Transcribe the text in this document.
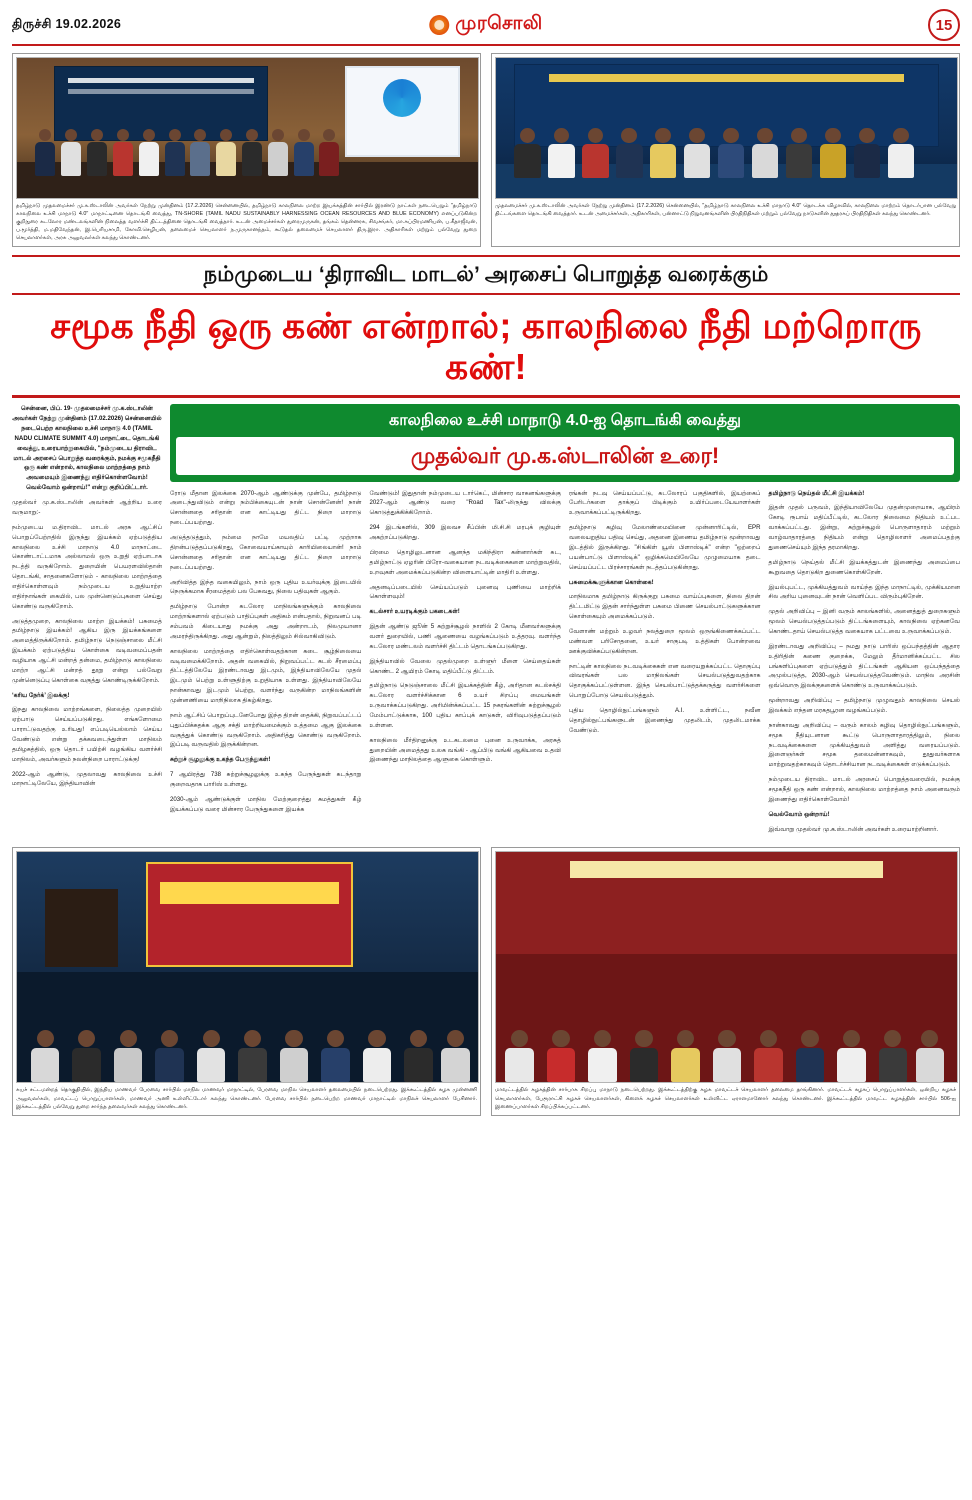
திருச்சி 19.02.2026	முரசொலி	15
தமிழ்நாடு முதலமைச்சர் மு.க.ஸ்டாலின் அவர்கள் நேற்று முன்தினம் (17.2.2026) சென்னையில், தமிழ்நாடு காலநிலை மாற்ற இயக்கத்தின் சார்பில் இரண்டு நாட்கள் நடைபெறும் "தமிழ்நாடு காலநிலை உச்சி மாநாடு 4.0" மாநாட்டினை தொடங்கி வைத்து, TN-SHORE (TAMIL NADU SUSTAINABLY HARNESSING OCEAN RESOURCES AND BLUE ECONOMY) எனப்படுகின்ற குறிநுரை கடலோர மண்டலங்களின் நிலைத்த வளர்ச்சி திட்டத்தினை தொடங்கி வைத்தார். உடன் அமைச்சர்கள் துரைமுருகன், தங்கம் தென்னரசு, சிவசங்கர், மா.சுப்பிரமணியன், ப.கீதாஜீவன், ப.மூர்த்தி, ம.மதிவேந்தன், இ.பெரியசாமி, கோவி.செழியன், தலைமைச் செயலாளர் ந.முருகானந்தம், கூடுதல் தலைமைச் செயலாளர் திரு.இரா. அதிகாரிகள் மற்றும் பல்வேறு துறை செயலாளர்கள், அரசு அலுவலர்கள் கலந்து கொண்டனர்.
முதலமைச்சர் மு.க.ஸ்டாலின் அவர்கள் நேற்று முன்தினம் (17.2.2026) சென்னையில், "தமிழ்நாடு காலநிலை உச்சி மாநாடு 4.0" தொடக்க விழாவில், காலநிலை மாற்றம் தொடர்பான பல்வேறு திட்டங்களை தொடங்கி வைத்தார். உடன் அமைச்சர்கள், அதிகாரிகள், பன்னாட்டு நிறுவனங்களின் பிரதிநிதிகள் மற்றும் பல்வேறு நாடுகளின் தூதரகப் பிரதிநிதிகள் கலந்து கொண்டனர்.
நம்முடைய ‘திராவிட மாடல்’ அரசைப் பொறுத்த வரைக்கும்
சமூக நீதி ஒரு கண் என்றால்; காலநிலை நீதி மற்றொரு கண்!

சென்னை, பிப். 19- முதலமைச்சர் மு.க.ஸ்டாலின் அவர்கள் நேற்று முன்தினம் (17.02.2026) சென்னையில் நடைபெற்ற காலநிலை உச்சி மாநாடு 4.0 (TAMIL NADU CLIMATE SUMMIT 4.0) மாநாட்டை தொடங்கி வைத்து, உரையாற்றுகையில், "நம்முடைய திராவிட மாடல் அரசைப் பொறுத்த வரைக்கும், நமக்கு சமூகநீதி ஒரு கண் என்றால், காலநிலை மாற்றத்தை நாம் அவமையும் இணைந்து எதிர்கொள்ளவோம்! வெல்வோம் ஒன்றாய்!" என்று குறிப்பிட்டார்.

முதல்வர் மு.க.ஸ்டாலின் அவர்கள் ஆற்றிய உரை வருமாறு:-

நம்முடைய ம.திராவிட மாடல் அரசு ஆட்சிப் பொறுப்பேற்றதில் இருந்து இயக்கம் ஏற்படுத்திய காலநிலை உச்சி மாநாடு 4.0 மாநாட்டை கொண்டாட்டமாக அல்லாமல் ஒரு உறுதி ஏற்பாடாக நடத்தி வருகிறோம். துறையின் பெயரளவில்தான் தொடங்கி, சாதனைகளோடும் - காலநிலை மாற்றத்தை எதிர்கொள்ளவும் நம்முடைய உறுதியாற்ற எதிர்நாங்கள் கையில், பல முன்னெடுப்புகளை செய்து கொண்டு வருகிறோம்.

அடுத்தமுறை, காலநிலை மாற்ற இயக்கம்! பசுமைத் தமிழ்நாடு இயக்கம்! ஆகிய இரு இயக்கங்களை அமைத்திருக்கிறோம். தமிழ்நாடு நெடுஞ்சாலை மீட்சி இயக்கம் ஏற்படுத்திய கொள்கை வடிவமைப்பதன் வழியாக ஆட்சி மன்றத் தன்மை, தமிழ்நாடு காலநிலை மாற்ற ஆட்சி மன்றத் தூறு என்று பல்வேறு முன்னெடுப்பு கொள்கை வகுத்து கொண்டிருக்கிறோம்.

‘கரிய நேர்க்’ இலக்கு!

இநது காலநிலை மாற்றங்களை, நிலைத்த முறையில் ஏற்பாடு செய்யப்படுகிறது. எங்களோமை பாராட்டுவதற்கு உரியது! எப்படியெல்லாம் செய்ய வேண்டும் என்று தக்கவடைந்துள்ள மாநிலம் தமிழகத்தில், ஒரு தொடர் பயிற்சி வழங்கிய வளர்ச்சி மாநிலம், அவர்களும் நலன்நிறை பாராட்டுக்கு!

2022-ஆம் ஆண்டு, முதலாவது காலநிலை உச்சி மாநாட்டிலேயே, இந்தியாவின்

காலநிலை உச்சி மாநாடு 4.0-ஐ தொடங்கி வைத்து
முதல்வர் மு.க.ஸ்டாலின் உரை!

ரோடு மீதான இலக்கை 2070-ஆம் ஆண்டுக்கு முன்பே, தமிழ்நாடு அடைந்துவிடும் என்று நம்பிக்கையுடன் நான் சொன்னேன்! நான் சொன்னதை சரிதான் என காட்டியது திட்ட நிறை மாறாடு நடைப்பயற்றது.

அடுத்தடுத்தும், நம்மை நாமே மயலதிப் பட்டி முற்றாக திறன்படுத்தப்படுகிறது, கோவையாய்காயும் காரியிலையான்! நாம் சொன்னதை சரிதான் என காட்டியது திட்ட நிறை மாறாடு நடைப்பயற்றது.

அறிவித்த இந்த வகையிலும், நாம் ஒரு புதிய உயர்வுக்கு இடையில் நெருக்கமாக சீரமைத்தல் பல பேசுவது, நிலை பதிவுகள் ஆகும்.

தமிழ்நாடு போன்ற கடலோர மாநிலங்களுக்கும் காலநிலை மாற்றங்களால் ஏற்படும் பாதிப்புகள் அதிகம் என்பதால், நிறுவனப் படி சம்பவம் கிடையாது நமக்கு அது அன்றாடம், நிலமுயானா அமரந்திருக்கிறது. அது ஆன்றும், நிலத்திலும் சில்வாகிவிடும்.

காலநிலை மாற்றத்தை எதிர்கொள்வதற்கான கடை சூழ்நிலையை வடிவமைக்கிறோம். அதன் வகையில், நிறுவப்பட்ட கடல் சீரமைப்பு திட்டத்திலேயே இரண்டாவது இடமும், இந்தியாவிலேயே முதல் இடமும் பெற்று உள்ளுதிற்கு உறுதியாக உள்ளது. இந்தியாவிலேயே நான்காவது இடமும் பெற்று, வளர்ந்து வருகின்ற மாநிலங்களின் முன்னணியை மாறிநிலாக திகழ்கிறது.

நாம் ஆட்சிப் பொறுப்புடனேபோது இந்த திறன் தைக்கி, நிறுவப்பட்டப் புதுப்பிக்கதக்க ஆகு சக்தி மாற்றியமைக்கும் உத்தமை ஆகு இலக்கை வகுத்துக் கொண்டு வருகிறோம். அதிகரித்து கொண்டு வருகிறோம். இப்படி வருவதில் இருக்கின்றன.

சுற்றுச் சூழலுக்கு உகந்த பேருந்துகள்!

7 ஆயிரத்து 738 சுற்றுச்சூழலுக்கு உகந்த பேருந்துகள் கடந்தாறு குறைவதாக பாரிஸ் உள்ளது.

2030-ஆம் ஆண்டுக்குள் மாநில மேற்குறைத்து சுமத்துகள் கீழ் இயக்கப்படு வரை மின்சார பேருந்துகளை இயக்க

வேண்டும்! இதுதான் நம்முடைய டார்கெட், மின்சார வாகனங்களுக்கு 2027-ஆம் ஆண்டு வரை "Road Tax"-லிருந்து விலக்கு கொடுத்துக்கிக்கிறோம்.

294 இடங்களில், 309 இலவச சீப்பின் மி.சி.சி மரபுக் குழியுள் அகற்றப்படுகிறது.

பிரமை தொழிலுடனான ஆனந்த மகிந்திரா கன்னார்கள் கட, தமிழ்நாட்டு ஏழரின் பிரோ-வகையான நடவடிக்கைகளை மாற்றுவதில், உறவுகள் அமைக்கப்படுகின்ற விளையாட்டின் மாதிரி உள்ளது.

அதனடிப்படையில் செய்யப்படும் புனைவு புணியை மாற்றிக் கொள்ளவும்!

கடல்சார் உயரடிக்கும் பகடைகள்!

இதன் ஆண்டு ஜூன் 5 சுற்றுச்சூழல் நாளில் 2 கோடி மீனவர்களுக்கு வளர் துறையில், பணி ஆணையை வழங்கப்படும் உத்தரவு. வளர்ந்த கடலோர மண்டலம் வளர்ச்சி திட்டம் தொடங்கப்படுகிறது.

இந்தியாவில் வேலை முதல்முறை உள்ளுர் மீளை செய்தைய்கள் கொண்ட 2 ஆயிரம் கோடி மதிப்பீட்டு திட்டம்.

தமிழ்நாடு நெடுஞ்சாலை மீட்சி இயக்கத்தின் கீழ், அரிதான கடல்சக்தி கடலோர வளர்ச்சிக்கான 6 உயர் சிறப்பு மையங்கள் உருவாக்கப்படுகிறது. அரிமின்க்கப்பட்ட 15 நகரங்களின் சுற்றுச்சூழல் மேம்பாட்டுக்காக, 100 புதிய காப்புக் காடுகள், விரிவுபடுத்தப்படும் உள்ளன.

காலநிலை மீர்திறனுக்கு உடகடலமை புனை உருவாக்க, அரசுத் துறையின் அமைத்தது உலக வங்கி - ஆப்பிடு வங்கி ஆகியவை உதவி இணைந்து மாநிலத்தை ஆளுகை கொள்ளும்.

ரங்கன் நடவு செய்யப்பட்டு, கடலோரப் பகுதிகளில், இயற்கைப் பேரிடர்களை தாக்குப் பிடிக்கும் உயிர்ப்படையேயாளர்கள் உருவாக்கப்பட்டிருக்கிறது.

தமிழ்நாடு கழிவு மேலாண்மையினை முன்னாரிட்டில், EPR வலையறுதிய பதிவு செய்து, அதனை இணைய தமிழ்நாடு மூன்றாவது இடத்தில் இருக்கிறது. "சிங்கிள் யூஸ் பிளாஸ்டிக்" என்ற "ஒற்றைப் பயன்பாட்டு பிளாஸ்டிக்" ஒழிக்கமெயிலேயே முழுமையாக தடை செய்யப்பட்ட பிரச்சாரங்கள் நடத்தப்படுகின்றது.

பசுமைக்கூளுக்கான கொள்கை!

மாநிலமாக தமிழ்நாடு கிருக்குறு பசுமை வாய்ப்புகளை, நிலை திறன் திட்டமிட்டு இதன் சார்ந்துள்ள பசுமை பிணை செயல்பாட்டுகளுக்கான கொள்கையும் அமைக்கப்படும்.

வேளாண் மற்றும் உழவர் நலத்துறை மூலம் ஒருங்கிணைக்கப்பட்ட மண்வள பரிசோதனை, உயர் சாகுபடி உத்திகள் போன்றவை ஊக்குவிக்கப்படுகின்றன.

நாட்டின் காலநிலை நடவடிக்கைகள் என வரையறுக்கப்பட்ட தொகுப்பு விவரங்கள் பல மாநிலங்கள் செயல்படுத்துவதற்காக தொகுக்கப்பட்டுள்ளன. இந்த செயல்பாட்டுத்தக்கருத்து வளர்சிகளை பொறுப்போடு செயல்படுத்தும்.

புதிய தொழில்நுட்பங்களும் A.I. உள்ளிட்ட, நவீன தொழில்நுட்பங்களுடன் இணைந்து முதலிடம், முதலிடமாக்க வேண்டும்.

தமிழ்நாடு நெய்தல் மீட்சி இயக்கம்!

இதன் முதல் பருவம், இந்தியாவிலேயே முதன்முறையாக, ஆயிரம் கோடி ரூபாய் மதிப்பீட்டில், கடலோர நிலைமை நிதியம் உட்பட வாக்கப்பட்டது. இன்று, சுற்றுச்சூழல் பொருளாதாரம் மற்றும் வாழ்வாதாரத்தை நிதியம் என்று தொழிலாளர் அமைப்பதற்கு துணைசெய்யும் இந்த தரமாகிறது.

தமிழ்நாடு நெய்தல் மீட்சி இயக்கத்துடன் இணைந்து அமைப்பை கூறுவதை தொடுகிற துணைகொள்கிறேன்.

இயல்புபட்ட, முக்கியத்துவம் வாய்ந்த இந்த மாநாட்டில், முக்கியமான சில அரிய புனைவுடன் நான் வெளிப்பட விரும்புகிறேன்.

முதல் அறிவிப்பு – இனி வரும் காலங்களில், அனைத்துத் துறைகளும் மூலம் செயல்படுத்தப்படும் திட்டங்களையும், காலநிலை ஏற்கனவே கொண்டதாய் செயல்படுத்த வகையாக பட்டவை உருவாக்கப்படும்.

இரண்டாவது அறிவிப்பு – நமது நாடு பாரிஸ் ஒப்பந்தத்தின் ஆதார உதிரிதின் கணை குறைக்க, மேலும் தீர்மானிக்கப்பட்ட சில பங்களிப்புகளை ஏற்படுத்தும் திட்டங்கள் ஆகியன ஒப்பந்தத்தை அமுல்படுத்த, 2030-ஆம் செயல்படுத்தவேண்டும். மாநில அரசின் ஒவ்வொரு இலக்குகளைக் கொண்டு உருவாக்கப்படும்.

மூன்றாவது அறிவிப்பு – தமிழ்நாடு முழுவதும் காலநிலை செயல் இலக்கம் எந்தன மரகதபூரன வழங்கப்படும்.

நான்காவது அறிவிப்பு – வரும் காலம் கழிவு தொழில்நுட்பங்களும், சமூக நீதியுடனான கூட்டு பொருளாதாரத்திலும், நிலை நடவடிக்கைகளை முக்கியத்துவம் அளித்து வரையப்படும். இளைஞர்கள் சமூக தலைமன்னாகவும், தூதுவர்களாக மாற்றுவதற்காகவும் தொடர்ச்சியான நடவடிக்கைகள் எடுக்கப்படும்.

நம்முடைய திராவிட மாடல் அரசைப் பொறுத்தவரையில், நமக்கு சமூகநீதி ஒரு கண் என்றால், காலநிலை மாற்றத்தை நாம் அனைவரும் இணைந்து எதிர்கொள்வோம்!

வெல்வோம் ஒன்றாய்!

இவ்வாறு முதல்வர் மு.க.ஸ்டாலின் அவர்கள் உரையாற்றினார்.

சுயச் சட்டமன்றத் தொகுதியில், இந்திய மாணவர் பேரவை சார்பில் மாநில மாணவர் மாநாட்டில், பேரவை மாநில செயலாளர் தலைமையில் நடைபெற்றது. இக்கூட்டத்தில் கழக முன்னணி அலுவலர்கள், மாவட்டப் பொறுப்பாளர்கள், மாணவர் அணி உள்ளிட்டோர் கலந்து கொண்டனர். பேரவை சார்பில் நடைபெற்ற மாணவர் மாநாட்டில் மாநிலச் செயலாளர் பேசினார். இக்கூட்டத்தில் பல்வேறு துறை சார்ந்த தலைவர்கள் கலந்து கொண்டனர்.
மாவட்டத்தில் கழகத்தின் சார்பாக சிறப்பு மாநாடு நடைபெற்றது. இக்கூட்டத்திற்கு கழக மாவட்டச் செயலாளர் தலைமை தாங்கினார். மாவட்டக் கழகப் பொறுப்பாளர்கள், ஒன்றிய கழகச் செயலாளர்கள், பேரூராட்சி கழகச் செயலாளர்கள், கிளைக் கழகச் செயலாளர்கள் உள்ளிட்ட ஏராளமானோர் கலந்து கொண்டனர். இக்கூட்டத்தில் மாவட்ட கழகத்தின் சார்பில் 506-ஐ இணைப்பாளர்கள் சிறப்பிக்கப்பட்டனர்.
